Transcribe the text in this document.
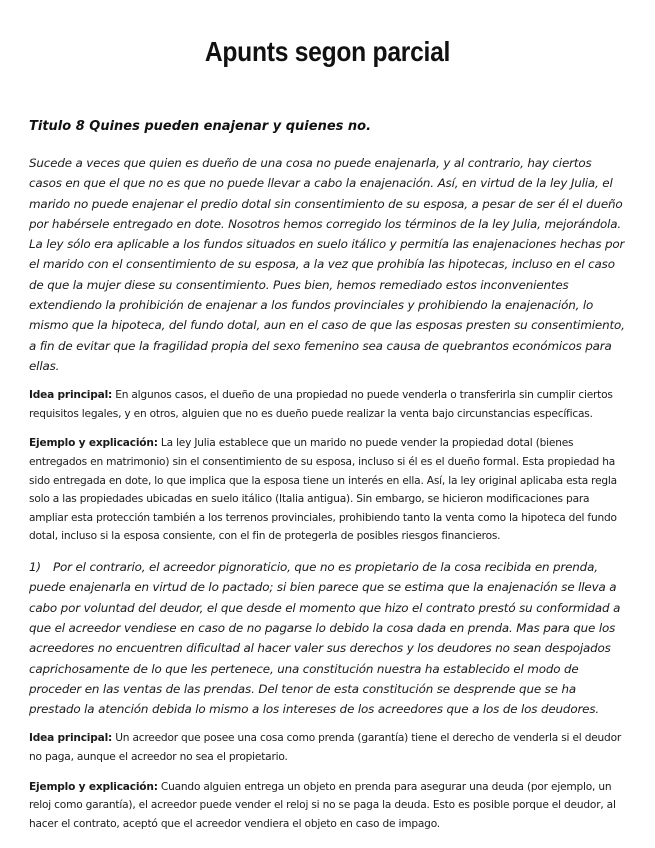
Apunts segon parcial

Titulo 8 Quines pueden enajenar y quienes no.

Sucede a veces que quien es dueño de una cosa no puede enajenarla, y al contrario, hay ciertos casos en que el que no es que no puede llevar a cabo la enajenación. Así, en virtud de la ley Julia, el marido no puede enajenar el predio dotal sin consentimiento de su esposa, a pesar de ser él el dueño por habérsele entregado en dote. Nosotros hemos corregido los términos de la ley Julia, mejorándola. La ley sólo era aplicable a los fundos situados en suelo itálico y permitía las enajenaciones hechas por el marido con el consentimiento de su esposa, a la vez que prohibía las hipotecas, incluso en el caso de que la mujer diese su consentimiento. Pues bien, hemos remediado estos inconvenientes extendiendo la prohibición de enajenar a los fundos provinciales y prohibiendo la enajenación, lo mismo que la hipoteca, del fundo dotal, aun en el caso de que las esposas presten su consentimiento, a fin de evitar que la fragilidad propia del sexo femenino sea causa de quebrantos económicos para ellas.

Idea principal: En algunos casos, el dueño de una propiedad no puede venderla o transferirla sin cumplir ciertos requisitos legales, y en otros, alguien que no es dueño puede realizar la venta bajo circunstancias específicas.

Ejemplo y explicación: La ley Julia establece que un marido no puede vender la propiedad dotal (bienes entregados en matrimonio) sin el consentimiento de su esposa, incluso si él es el dueño formal. Esta propiedad ha sido entregada en dote, lo que implica que la esposa tiene un interés en ella. Así, la ley original aplicaba esta regla solo a las propiedades ubicadas en suelo itálico (Italia antigua). Sin embargo, se hicieron modificaciones para ampliar esta protección también a los terrenos provinciales, prohibiendo tanto la venta como la hipoteca del fundo dotal, incluso si la esposa consiente, con el fin de protegerla de posibles riesgos financieros.

1) Por el contrario, el acreedor pignoraticio, que no es propietario de la cosa recibida en prenda, puede enajenarla en virtud de lo pactado; si bien parece que se estima que la enajenación se lleva a cabo por voluntad del deudor, el que desde el momento que hizo el contrato prestó su conformidad a que el acreedor vendiese en caso de no pagarse lo debido la cosa dada en prenda. Mas para que los acreedores no encuentren dificultad al hacer valer sus derechos y los deudores no sean despojados caprichosamente de lo que les pertenece, una constitución nuestra ha establecido el modo de proceder en las ventas de las prendas. Del tenor de esta constitución se desprende que se ha prestado la atención debida lo mismo a los intereses de los acreedores que a los de los deudores.

Idea principal: Un acreedor que posee una cosa como prenda (garantía) tiene el derecho de venderla si el deudor no paga, aunque el acreedor no sea el propietario.

Ejemplo y explicación: Cuando alguien entrega un objeto en prenda para asegurar una deuda (por ejemplo, un reloj como garantía), el acreedor puede vender el reloj si no se paga la deuda. Esto es posible porque el deudor, al hacer el contrato, aceptó que el acreedor vendiera el objeto en caso de impago.
